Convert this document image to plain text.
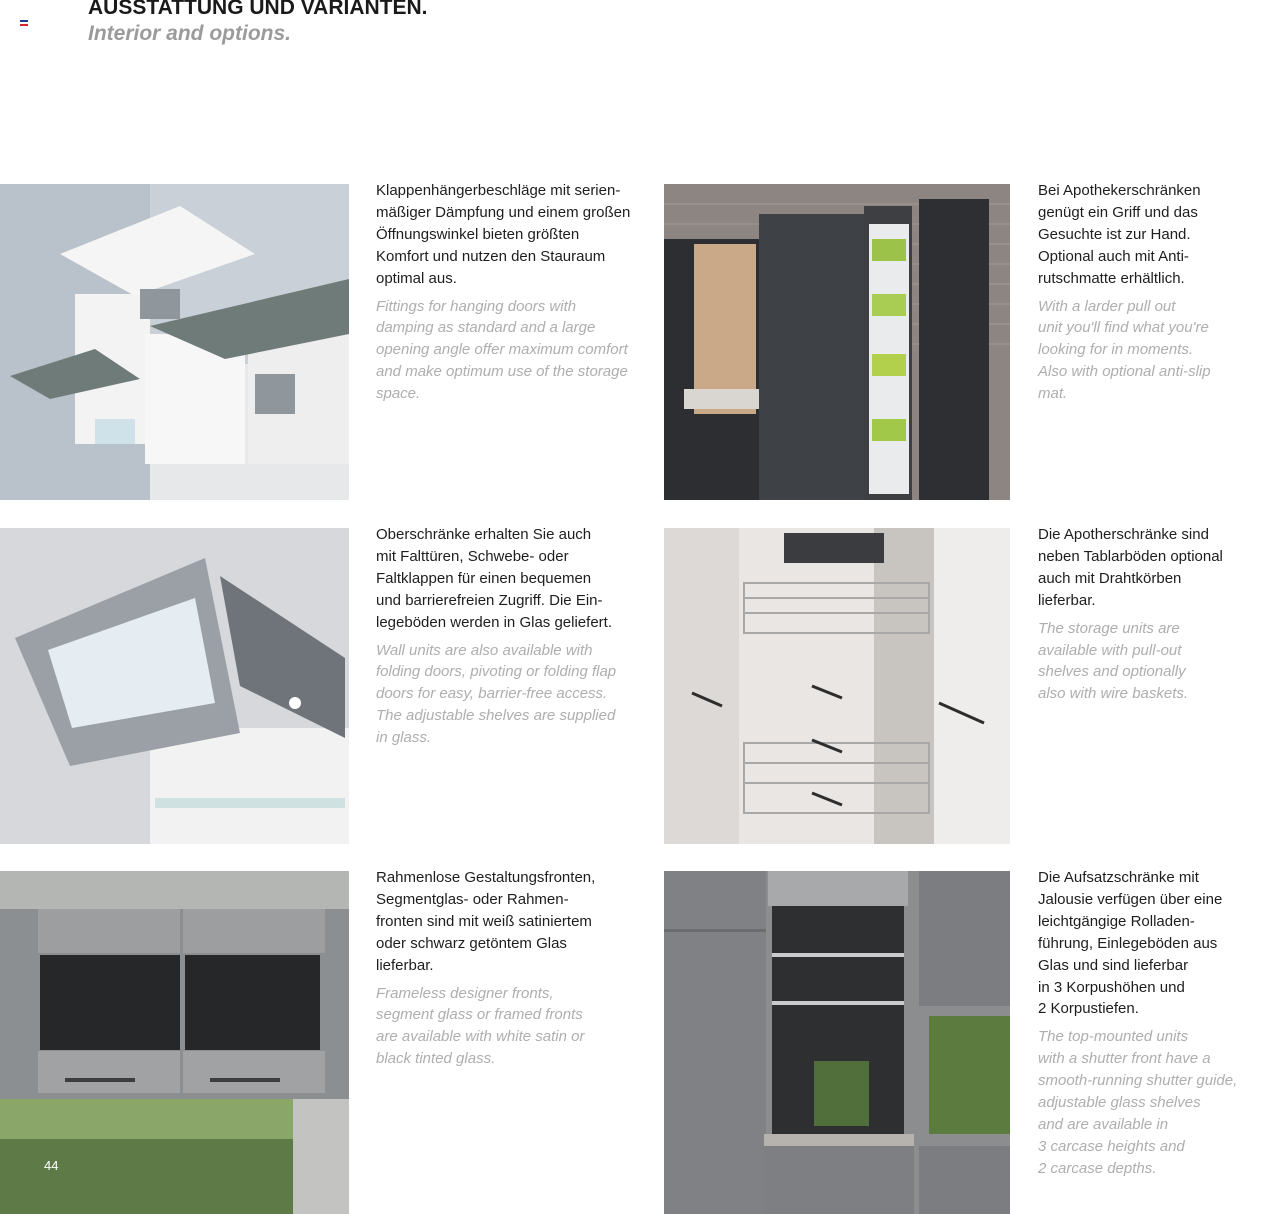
AUSSTATTUNG UND VARIANTEN.
Interior and options.

Klappenhängerbeschläge mit serien-
mäßiger Dämpfung und einem großen
Öffnungswinkel bieten größten
Komfort und nutzen den Stauraum
optimal aus.

Fittings for hanging doors with
damping as standard and a large
opening angle offer maximum comfort
and make optimum use of the storage
space.

Bei Apothekerschränken
genügt ein Griff und das
Gesuchte ist zur Hand.
Optional auch mit Anti-
rutschmatte erhältlich.

With a larder pull out
unit you'll find what you're
looking for in moments.
Also with optional anti-slip
mat.

Oberschränke erhalten Sie auch
mit Falttüren, Schwebe- oder
Faltklappen für einen bequemen
und barrierefreien Zugriff. Die Ein-
legeböden werden in Glas geliefert.

Wall units are also available with
folding doors, pivoting or folding flap
doors for easy, barrier-free access.
The adjustable shelves are supplied
in glass.

Die Apotherschränke sind
neben Tablarböden optional
auch mit Drahtkörben
lieferbar.

The storage units are
available with pull-out
shelves and optionally
also with wire baskets.

Rahmenlose Gestaltungsfronten,
Segmentglas- oder Rahmen-
fronten sind mit weiß satiniertem
oder schwarz getöntem Glas
lieferbar.

Frameless designer fronts,
segment glass or framed fronts
are available with white satin or
black tinted glass.

Die Aufsatzschränke mit
Jalousie verfügen über eine
leichtgängige Rolladen-
führung, Einlegeböden aus
Glas und sind lieferbar
in 3 Korpushöhen und
2 Korpustiefen.

The top-mounted units
with a shutter front have a
smooth-running shutter guide,
adjustable glass shelves
and are available in
3 carcase heights and
2 carcase depths.

44
